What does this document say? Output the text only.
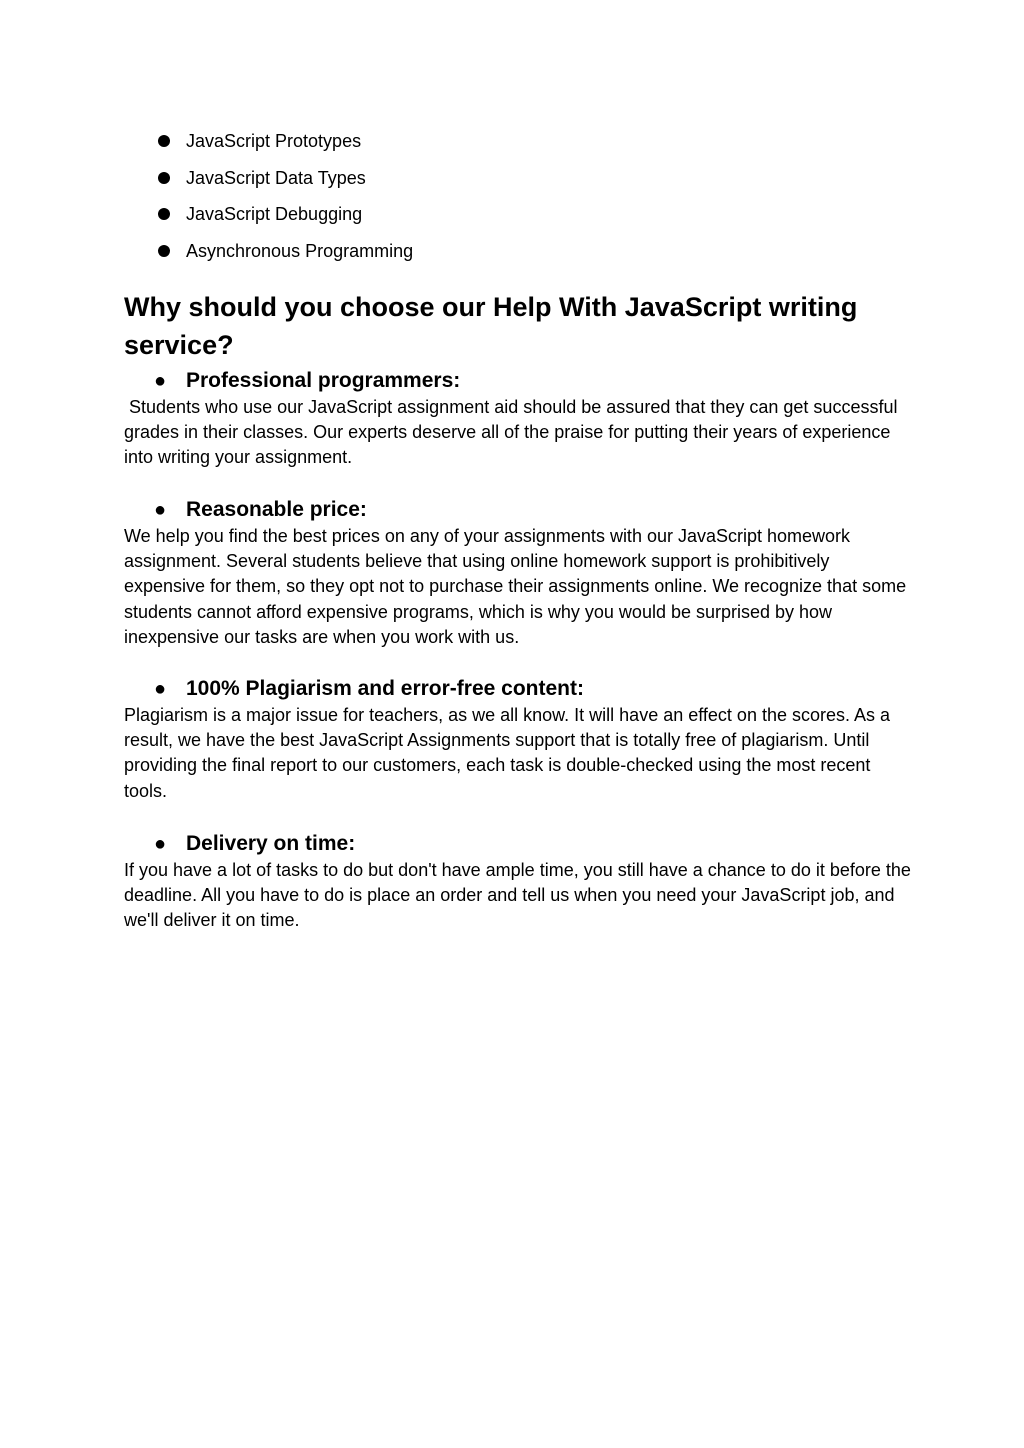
JavaScript Prototypes
JavaScript Data Types
JavaScript Debugging
Asynchronous Programming
Why should you choose our Help With JavaScript writing service?
● Professional programmers:

Students who use our JavaScript assignment aid should be assured that they can get successful grades in their classes. Our experts deserve all of the praise for putting their years of experience into writing your assignment.

● Reasonable price:

We help you find the best prices on any of your assignments with our JavaScript homework assignment. Several students believe that using online homework support is prohibitively expensive for them, so they opt not to purchase their assignments online. We recognize that some students cannot afford expensive programs, which is why you would be surprised by how inexpensive our tasks are when you work with us.

● 100% Plagiarism and error-free content:

Plagiarism is a major issue for teachers, as we all know. It will have an effect on the scores. As a result, we have the best JavaScript Assignments support that is totally free of plagiarism. Until providing the final report to our customers, each task is double-checked using the most recent tools.

● Delivery on time:

If you have a lot of tasks to do but don't have ample time, you still have a chance to do it before the deadline. All you have to do is place an order and tell us when you need your JavaScript job, and we'll deliver it on time.
